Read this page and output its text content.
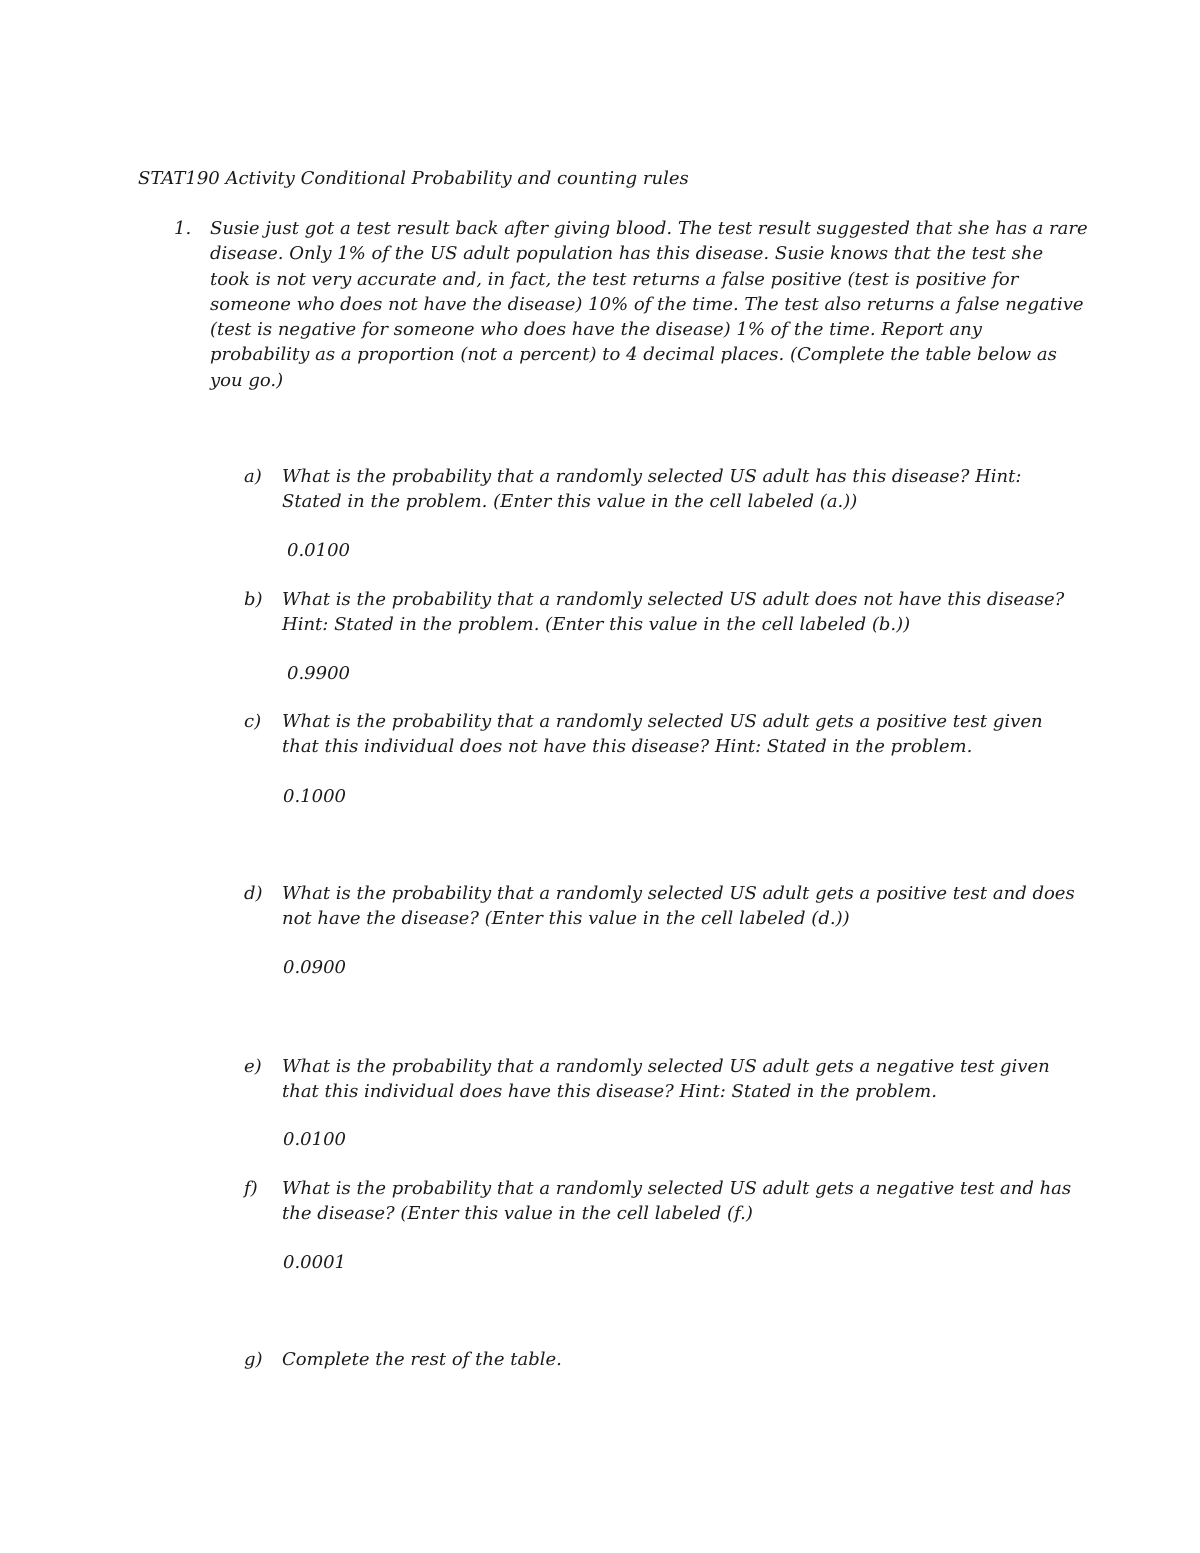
STAT190 Activity Conditional Probability and counting rules
1. Susie just got a test result back after giving blood. The test result suggested that she has a rare
disease. Only 1% of the US adult population has this disease. Susie knows that the test she
took is not very accurate and, in fact, the test returns a false positive (test is positive for
someone who does not have the disease) 10% of the time. The test also returns a false negative
(test is negative for someone who does have the disease) 1% of the time. Report any
probability as a proportion (not a percent) to 4 decimal places. (Complete the table below as
you go.)
a) What is the probability that a randomly selected US adult has this disease? Hint:
Stated in the problem. (Enter this value in the cell labeled (a.))
0.0100
b) What is the probability that a randomly selected US adult does not have this disease?
Hint: Stated in the problem. (Enter this value in the cell labeled (b.))
0.9900
c) What is the probability that a randomly selected US adult gets a positive test given
that this individual does not have this disease? Hint: Stated in the problem.
0.1000
d) What is the probability that a randomly selected US adult gets a positive test and does
not have the disease? (Enter this value in the cell labeled (d.))
0.0900
e) What is the probability that a randomly selected US adult gets a negative test given
that this individual does have this disease? Hint: Stated in the problem.
0.0100
f) What is the probability that a randomly selected US adult gets a negative test and has
the disease? (Enter this value in the cell labeled (f.)
0.0001
g) Complete the rest of the table.
